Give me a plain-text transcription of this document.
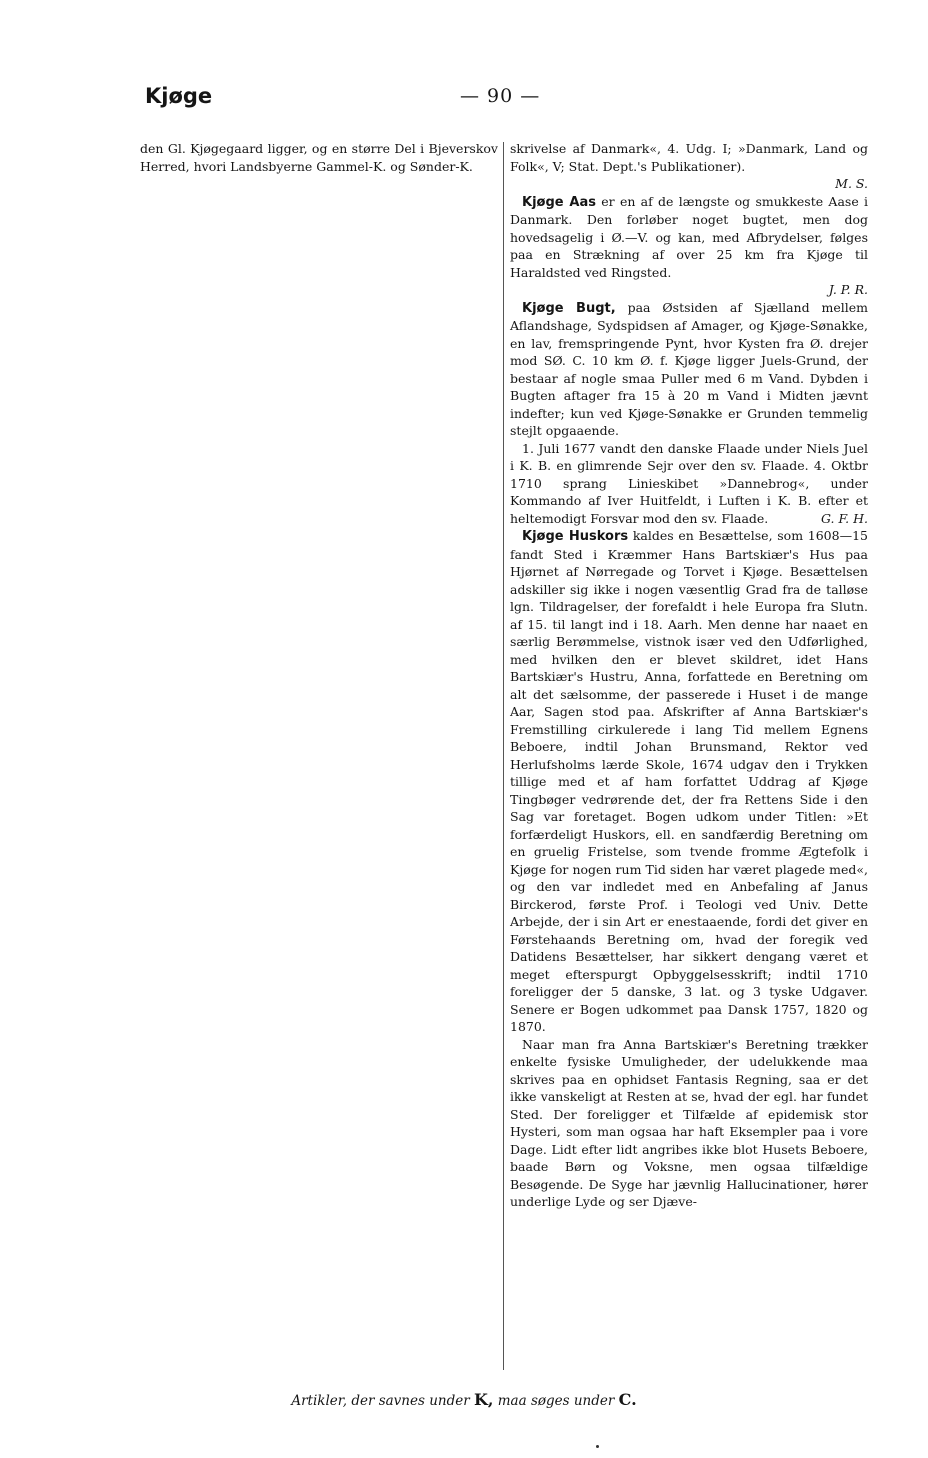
Kjøge	— 90 —

den Gl. Kjøgegaard ligger, og en større Del i Bjeverskov Herred, hvori Landsbyerne Gammel-K. og Sønder-K.

skrivelse af Danmark«, 4. Udg. I; »Danmark, Land og Folk«, V; Stat. Dept.'s Publikationer).

M. S.

Kjøge Aas er en af de længste og smukkeste Aase i Danmark. Den forløber noget bugtet, men dog hovedsagelig i Ø.—V. og kan, med Afbrydelser, følges paa en Strækning af over 25 km fra Kjøge til Haraldsted ved Ringsted.

J. P. R.

Kjøge Bugt, paa Østsiden af Sjælland mellem Aflandshage, Sydspidsen af Amager, og Kjøge-Sønakke, en lav, fremspringende Pynt, hvor Kysten fra Ø. drejer mod SØ. C. 10 km Ø. f. Kjøge ligger Juels-Grund, der bestaar af nogle smaa Puller med 6 m Vand. Dybden i Bugten aftager fra 15 à 20 m Vand i Midten jævnt indefter; kun ved Kjøge-Sønakke er Grunden temmelig stejlt opgaaende.

1. Juli 1677 vandt den danske Flaade under Niels Juel i K. B. en glimrende Sejr over den sv. Flaade. 4. Oktbr 1710 sprang Linieskibet »Dannebrog«, under Kommando af Iver Huitfeldt, i Luften i K. B. efter et heltemodigt Forsvar mod den sv. Flaade.	G. F. H.

Kjøge Huskors kaldes en Besættelse, som 1608—15 fandt Sted i Kræmmer Hans Bartskiær's Hus paa Hjørnet af Nørregade og Torvet i Kjøge. Besættelsen adskiller sig ikke i nogen væsentlig Grad fra de talløse lgn. Tildragelser, der forefaldt i hele Europa fra Slutn. af 15. til langt ind i 18. Aarh. Men denne har naaet en særlig Berømmelse, vistnok især ved den Udførlighed, med hvilken den er blevet skildret, idet Hans Bartskiær's Hustru, Anna, forfattede en Beretning om alt det sælsomme, der passerede i Huset i de mange Aar, Sagen stod paa. Afskrifter af Anna Bartskiær's Fremstilling cirkulerede i lang Tid mellem Egnens Beboere, indtil Johan Brunsmand, Rektor ved Herlufsholms lærde Skole, 1674 udgav den i Trykken tillige med et af ham forfattet Uddrag af Kjøge Tingbøger vedrørende det, der fra Rettens Side i den Sag var foretaget. Bogen udkom under Titlen: »Et forfærdeligt Huskors, ell. en sandfærdig Beretning om en gruelig Fristelse, som tvende fromme Ægtefolk i Kjøge for nogen rum Tid siden har været plagede med«, og den var indledet med en Anbefaling af Janus Birckerod, første Prof. i Teologi ved Univ. Dette Arbejde, der i sin Art er enestaaende, fordi det giver en Førstehaands Beretning om, hvad der foregik ved Datidens Besættelser, har sikkert dengang været et meget efterspurgt Opbyggelsesskrift; indtil 1710 foreligger der 5 danske, 3 lat. og 3 tyske Udgaver. Senere er Bogen udkommet paa Dansk 1757, 1820 og 1870.

Naar man fra Anna Bartskiær's Beretning trækker enkelte fysiske Umuligheder, der udelukkende maa skrives paa en ophidset Fantasis Regning, saa er det ikke vanskeligt at Resten at se, hvad der egl. har fundet Sted. Der foreligger et Tilfælde af epidemisk stor Hysteri, som man ogsaa har haft Eksempler paa i vore Dage. Lidt efter lidt angribes ikke blot Husets Beboere, baade Børn og Voksne, men ogsaa tilfældige Besøgende. De Syge har jævnlig Hallucinationer, hører underlige Lyde og ser Djæve-

Artikler, der savnes under K, maa søges under C.
